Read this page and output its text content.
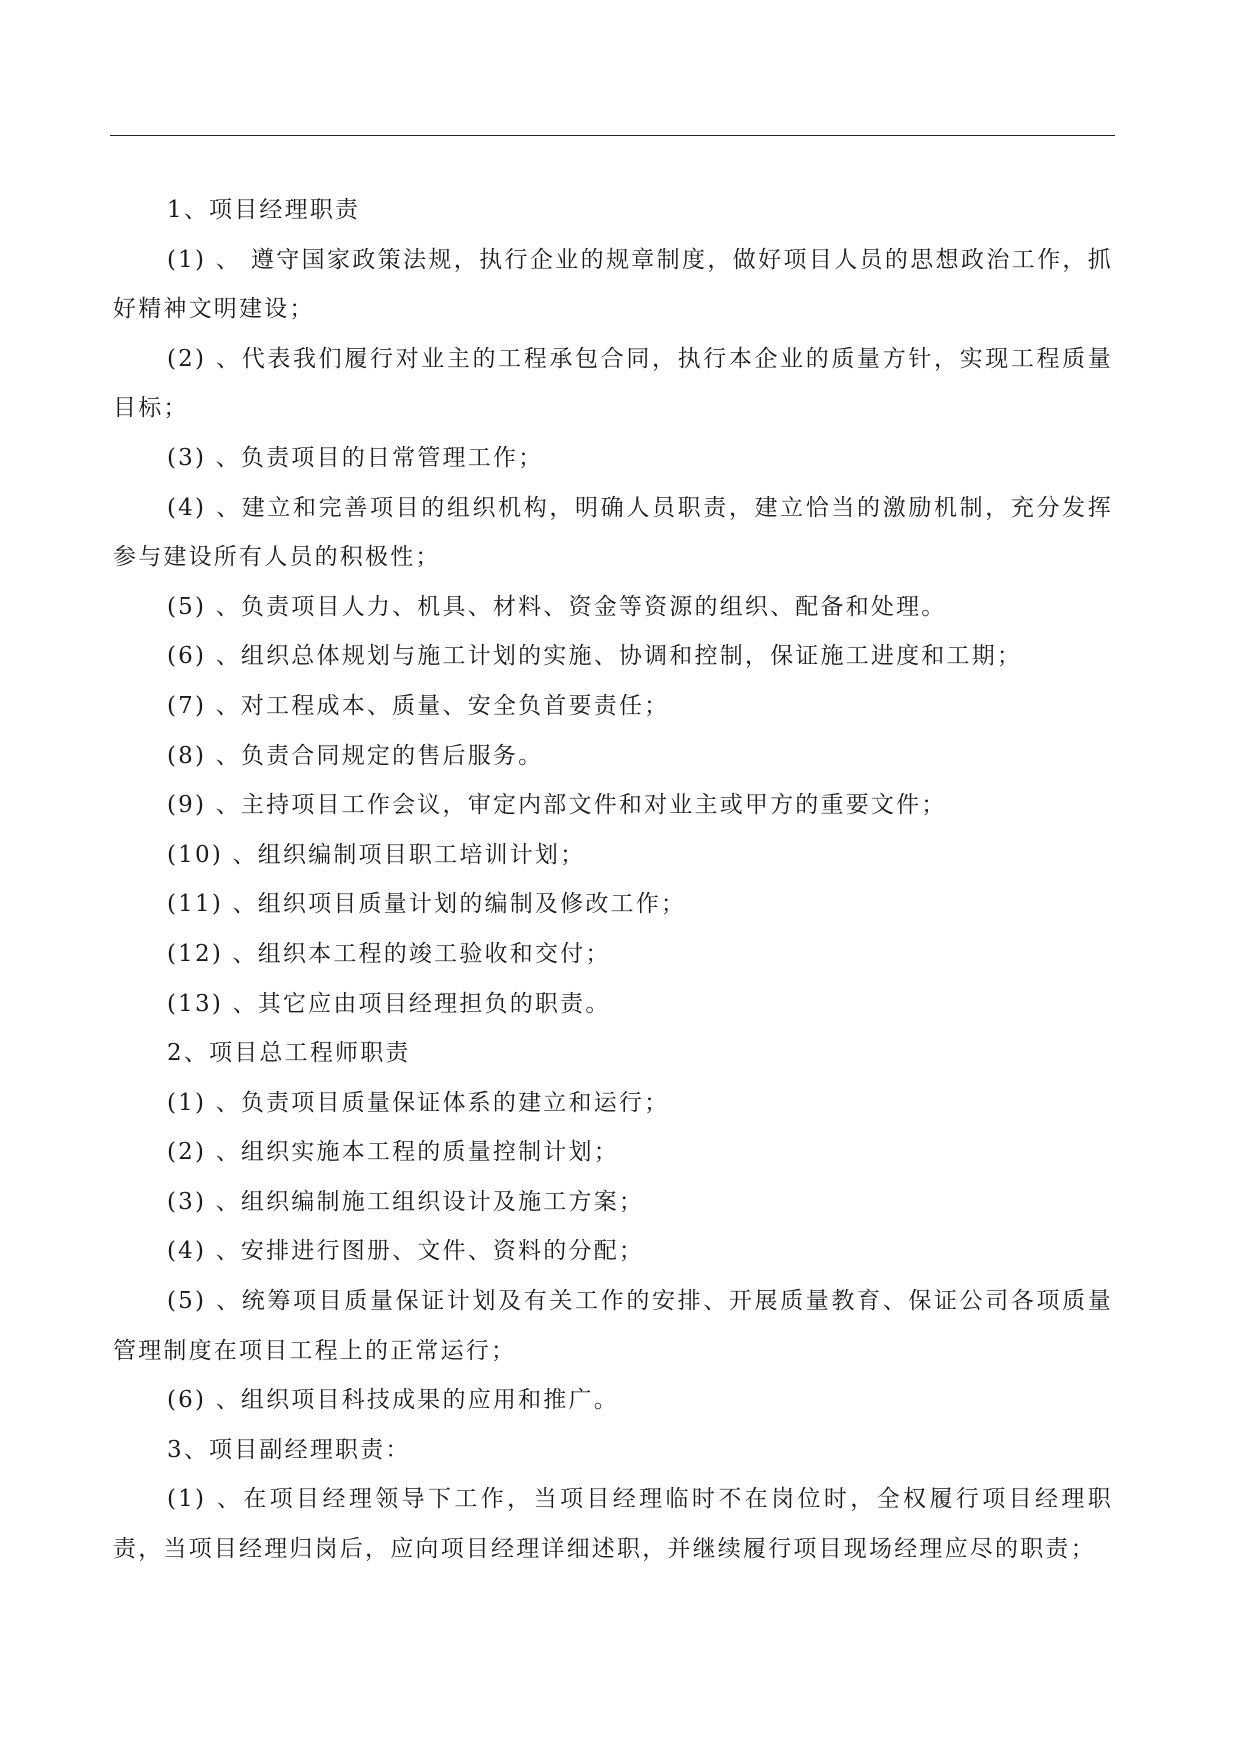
1、项目经理职责

(1) 、 遵守国家政策法规，执行企业的规章制度，做好项目人员的思想政治工作，抓好精神文明建设；

(2) 、代表我们履行对业主的工程承包合同，执行本企业的质量方针，实现工程质量目标；

(3) 、负责项目的日常管理工作；

(4) 、建立和完善项目的组织机构，明确人员职责，建立恰当的激励机制，充分发挥参与建设所有人员的积极性；

(5) 、负责项目人力、机具、材料、资金等资源的组织、配备和处理。

(6) 、组织总体规划与施工计划的实施、协调和控制，保证施工进度和工期；

(7) 、对工程成本、质量、安全负首要责任；

(8) 、负责合同规定的售后服务。

(9) 、主持项目工作会议，审定内部文件和对业主或甲方的重要文件；

(10) 、组织编制项目职工培训计划；

(11) 、组织项目质量计划的编制及修改工作；

(12) 、组织本工程的竣工验收和交付；

(13) 、其它应由项目经理担负的职责。

2、项目总工程师职责

(1) 、负责项目质量保证体系的建立和运行；

(2) 、组织实施本工程的质量控制计划；

(3) 、组织编制施工组织设计及施工方案；

(4) 、安排进行图册、文件、资料的分配；

(5) 、统筹项目质量保证计划及有关工作的安排、开展质量教育、保证公司各项质量管理制度在项目工程上的正常运行；

(6) 、组织项目科技成果的应用和推广。

3、项目副经理职责：

(1) 、在项目经理领导下工作，当项目经理临时不在岗位时，全权履行项目经理职责，当项目经理归岗后，应向项目经理详细述职，并继续履行项目现场经理应尽的职责；
